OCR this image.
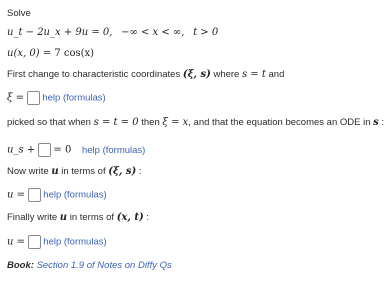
Solve
u_t − 2u_x + 9u = 0, −∞ < x < ∞, t > 0
u(x, 0) = 7 cos(x)
First change to characteristic coordinates (ξ, s) where s = t and
ξ = help (formulas)
picked so that when s = t = 0 then ξ = x, and that the equation becomes an ODE in s :
u_s + = 0 help (formulas)
Now write u in terms of (ξ, s) :
u = help (formulas)
Finally write u in terms of (x, t) :
u = help (formulas)
Book: Section 1.9 of Notes on Diffy Qs
